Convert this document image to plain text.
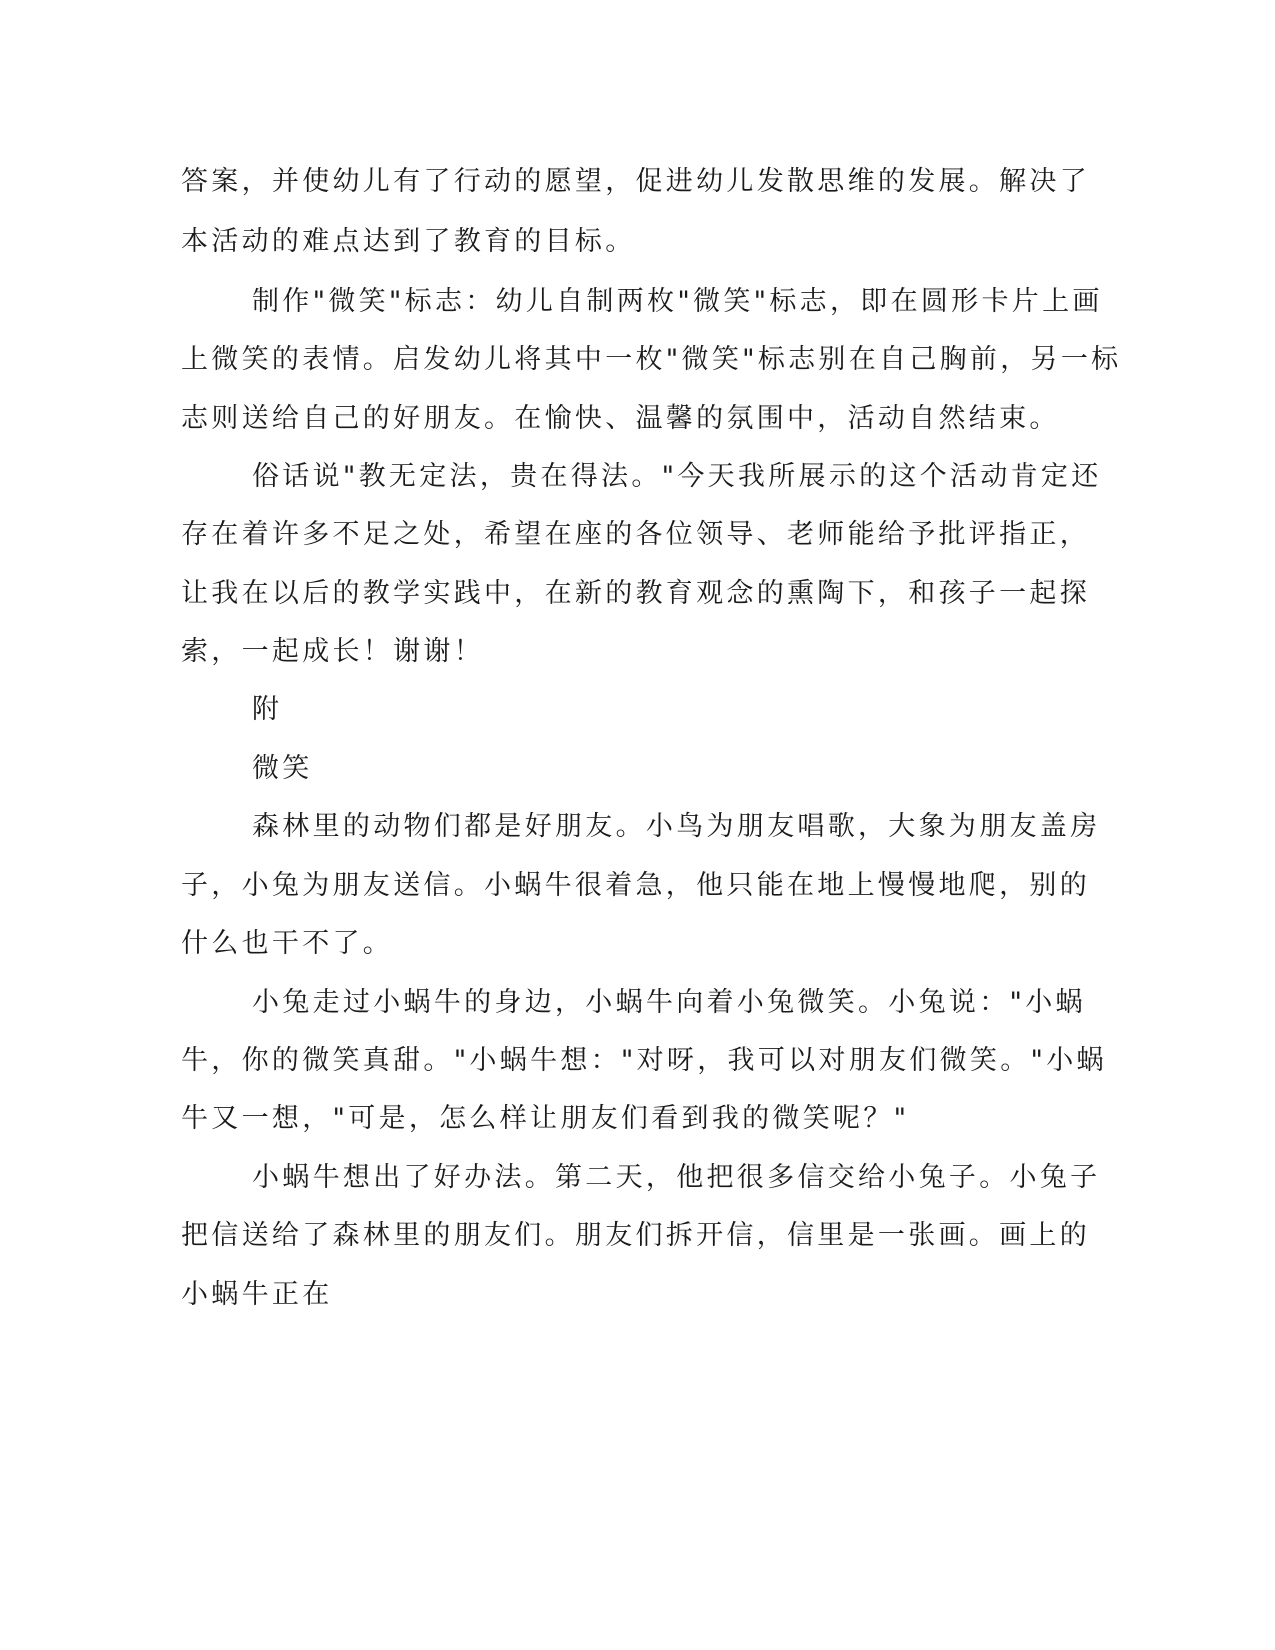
答案，并使幼儿有了行动的愿望，促进幼儿发散思维的发展。解决了
本活动的难点达到了教育的目标。
制作"微笑"标志：幼儿自制两枚"微笑"标志，即在圆形卡片上画
上微笑的表情。启发幼儿将其中一枚"微笑"标志别在自己胸前，另一标
志则送给自己的好朋友。在愉快、温馨的氛围中，活动自然结束。
俗话说"教无定法，贵在得法。"今天我所展示的这个活动肯定还
存在着许多不足之处，希望在座的各位领导、老师能给予批评指正，
让我在以后的教学实践中，在新的教育观念的熏陶下，和孩子一起探
索，一起成长！谢谢！
附
微笑
森林里的动物们都是好朋友。小鸟为朋友唱歌，大象为朋友盖房
子，小兔为朋友送信。小蜗牛很着急，他只能在地上慢慢地爬，别的
什么也干不了。
小兔走过小蜗牛的身边，小蜗牛向着小兔微笑。小兔说："小蜗
牛，你的微笑真甜。"小蜗牛想："对呀，我可以对朋友们微笑。"小蜗
牛又一想，"可是，怎么样让朋友们看到我的微笑呢？"
小蜗牛想出了好办法。第二天，他把很多信交给小兔子。小兔子
把信送给了森林里的朋友们。朋友们拆开信，信里是一张画。画上的
小蜗牛正在
